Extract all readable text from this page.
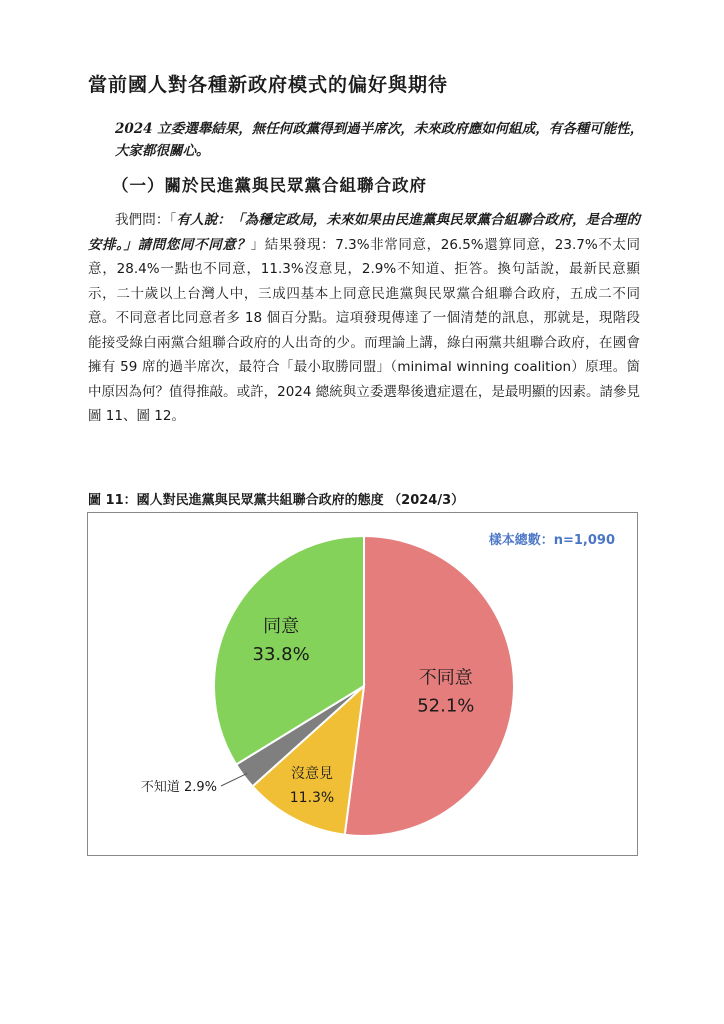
當前國人對各種新政府模式的偏好與期待
2024 立委選舉結果，無任何政黨得到過半席次，未來政府應如何組成，有各種可能性，大家都很關心。
（一）關於民進黨與民眾黨合組聯合政府
我們問：「有人說：「為穩定政局，未來如果由民進黨與民眾黨合組聯合政府，是合理的安排。」請問您同不同意？」結果發現：7.3%非常同意，26.5%還算同意，23.7%不太同意，28.4%一點也不同意，11.3%沒意見，2.9%不知道、拒答。換句話說，最新民意顯示，二十歲以上台灣人中，三成四基本上同意民進黨與民眾黨合組聯合政府，五成二不同意。不同意者比同意者多 18 個百分點。這項發現傳達了一個清楚的訊息，那就是，現階段能接受綠白兩黨合組聯合政府的人出奇的少。而理論上講，綠白兩黨共組聯合政府，在國會擁有 59 席的過半席次，最符合「最小取勝同盟」（minimal winning coalition）原理。箇中原因為何？值得推敲。或許，2024 總統與立委選舉後遺症還在，是最明顯的因素。請參見圖 11、圖 12。
圖 11：國人對民進黨與民眾黨共組聯合政府的態度 （2024/3）
樣本總數：n=1,090
不同意
52.1%
沒意見
11.3%
不知道 2.9%
同意
33.8%
